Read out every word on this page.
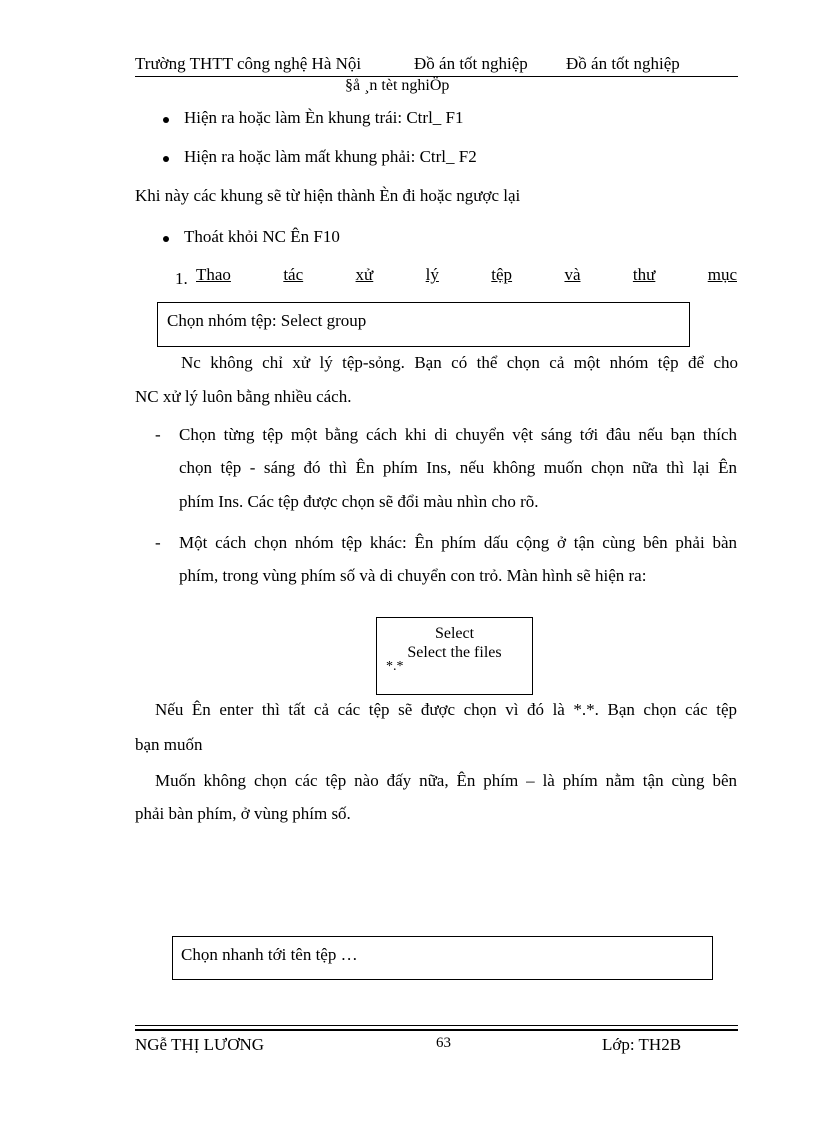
Trường THTT công nghệ Hà Nội	Đồ án tốt nghiệp Đồ án tốt nghiệp
§å ¸n tèt nghiÖp
Hiện ra hoặc làm Èn khung trái: Ctrl_ F1
Hiện ra hoặc làm mất khung phải: Ctrl_ F2
Khi này các khung sẽ từ hiện thành Èn đi hoặc ngược lại
Thoát khỏi NC Ên F10
1. Thao	tác	xử	lý	tệp	và	thư	mục
Chọn nhóm tệp: Select group
Nc không chỉ xử lý tệp-sỏng. Bạn có thể chọn cả một nhóm tệp để cho
NC xử lý luôn bằng nhiều cách.
- Chọn từng tệp một bằng cách khi di chuyển vệt sáng tới đâu nếu bạn thích
chọn tệp - sáng đó thì Ên phím Ins, nếu không muốn chọn nữa thì lại Ên
phím Ins. Các tệp được chọn sẽ đổi màu nhìn cho rõ.
- Một cách chọn nhóm tệp khác: Ên phím dấu cộng ở tận cùng bên phải bàn
phím, trong vùng phím số và di chuyển con trỏ. Màn hình sẽ hiện ra:
Select
Select the files
*.*
Nếu Ên enter thì tất cả các tệp sẽ được chọn vì đó là *.*. Bạn chọn các tệp
bạn muốn
Muốn không chọn các tệp nào đấy nữa, Ên phím – là phím nằm tận cùng bên
phải bàn phím, ở vùng phím số.
Chọn nhanh tới tên tệp …
NGễ THỊ LƯƠNG	63	Lớp: TH2B
